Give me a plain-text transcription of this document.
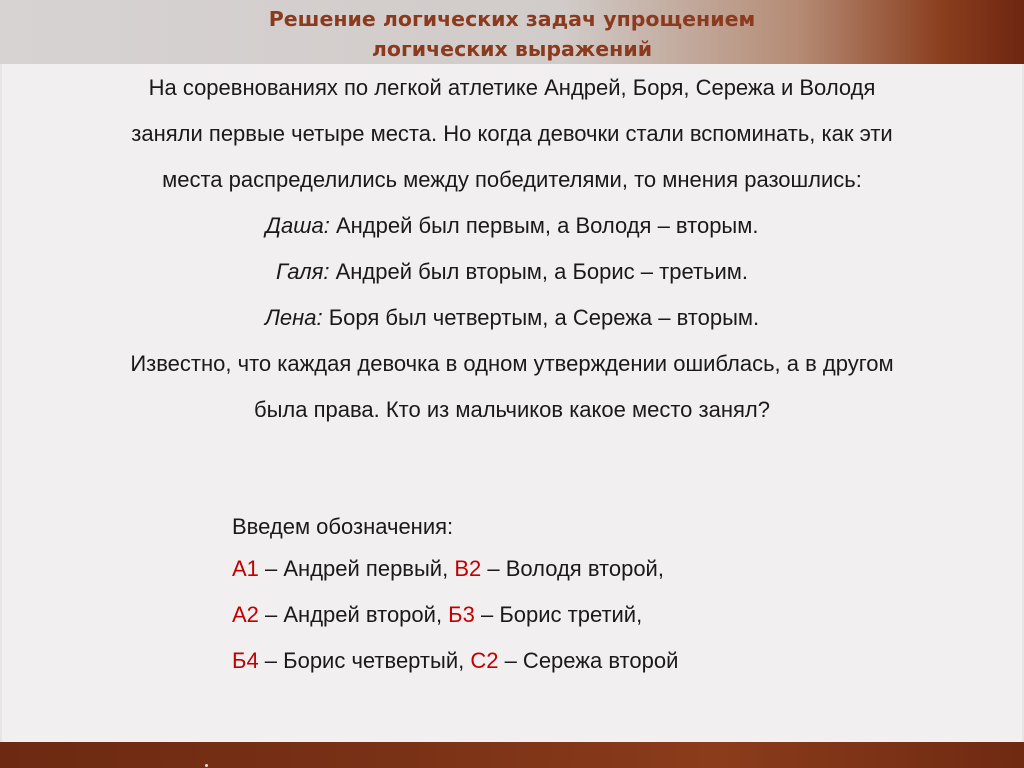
Решение логических задач упрощением
логических выражений
На соревнованиях по легкой атлетике Андрей, Боря, Сережа и Володя
заняли первые четыре места. Но когда девочки стали вспоминать, как эти
места распределились между победителями, то мнения разошлись:
Даша: Андрей был первым, а Володя – вторым.
Галя: Андрей был вторым, а Борис – третьим.
Лена: Боря был четвертым, а Сережа – вторым.
Известно, что каждая девочка в одном утверждении ошиблась, а в другом
была права. Кто из мальчиков какое место занял?
Введем обозначения:
А1 – Андрей первый, В2 – Володя второй,
А2 – Андрей второй, Б3 – Борис третий,
Б4 – Борис четвертый, С2 – Сережа второй
